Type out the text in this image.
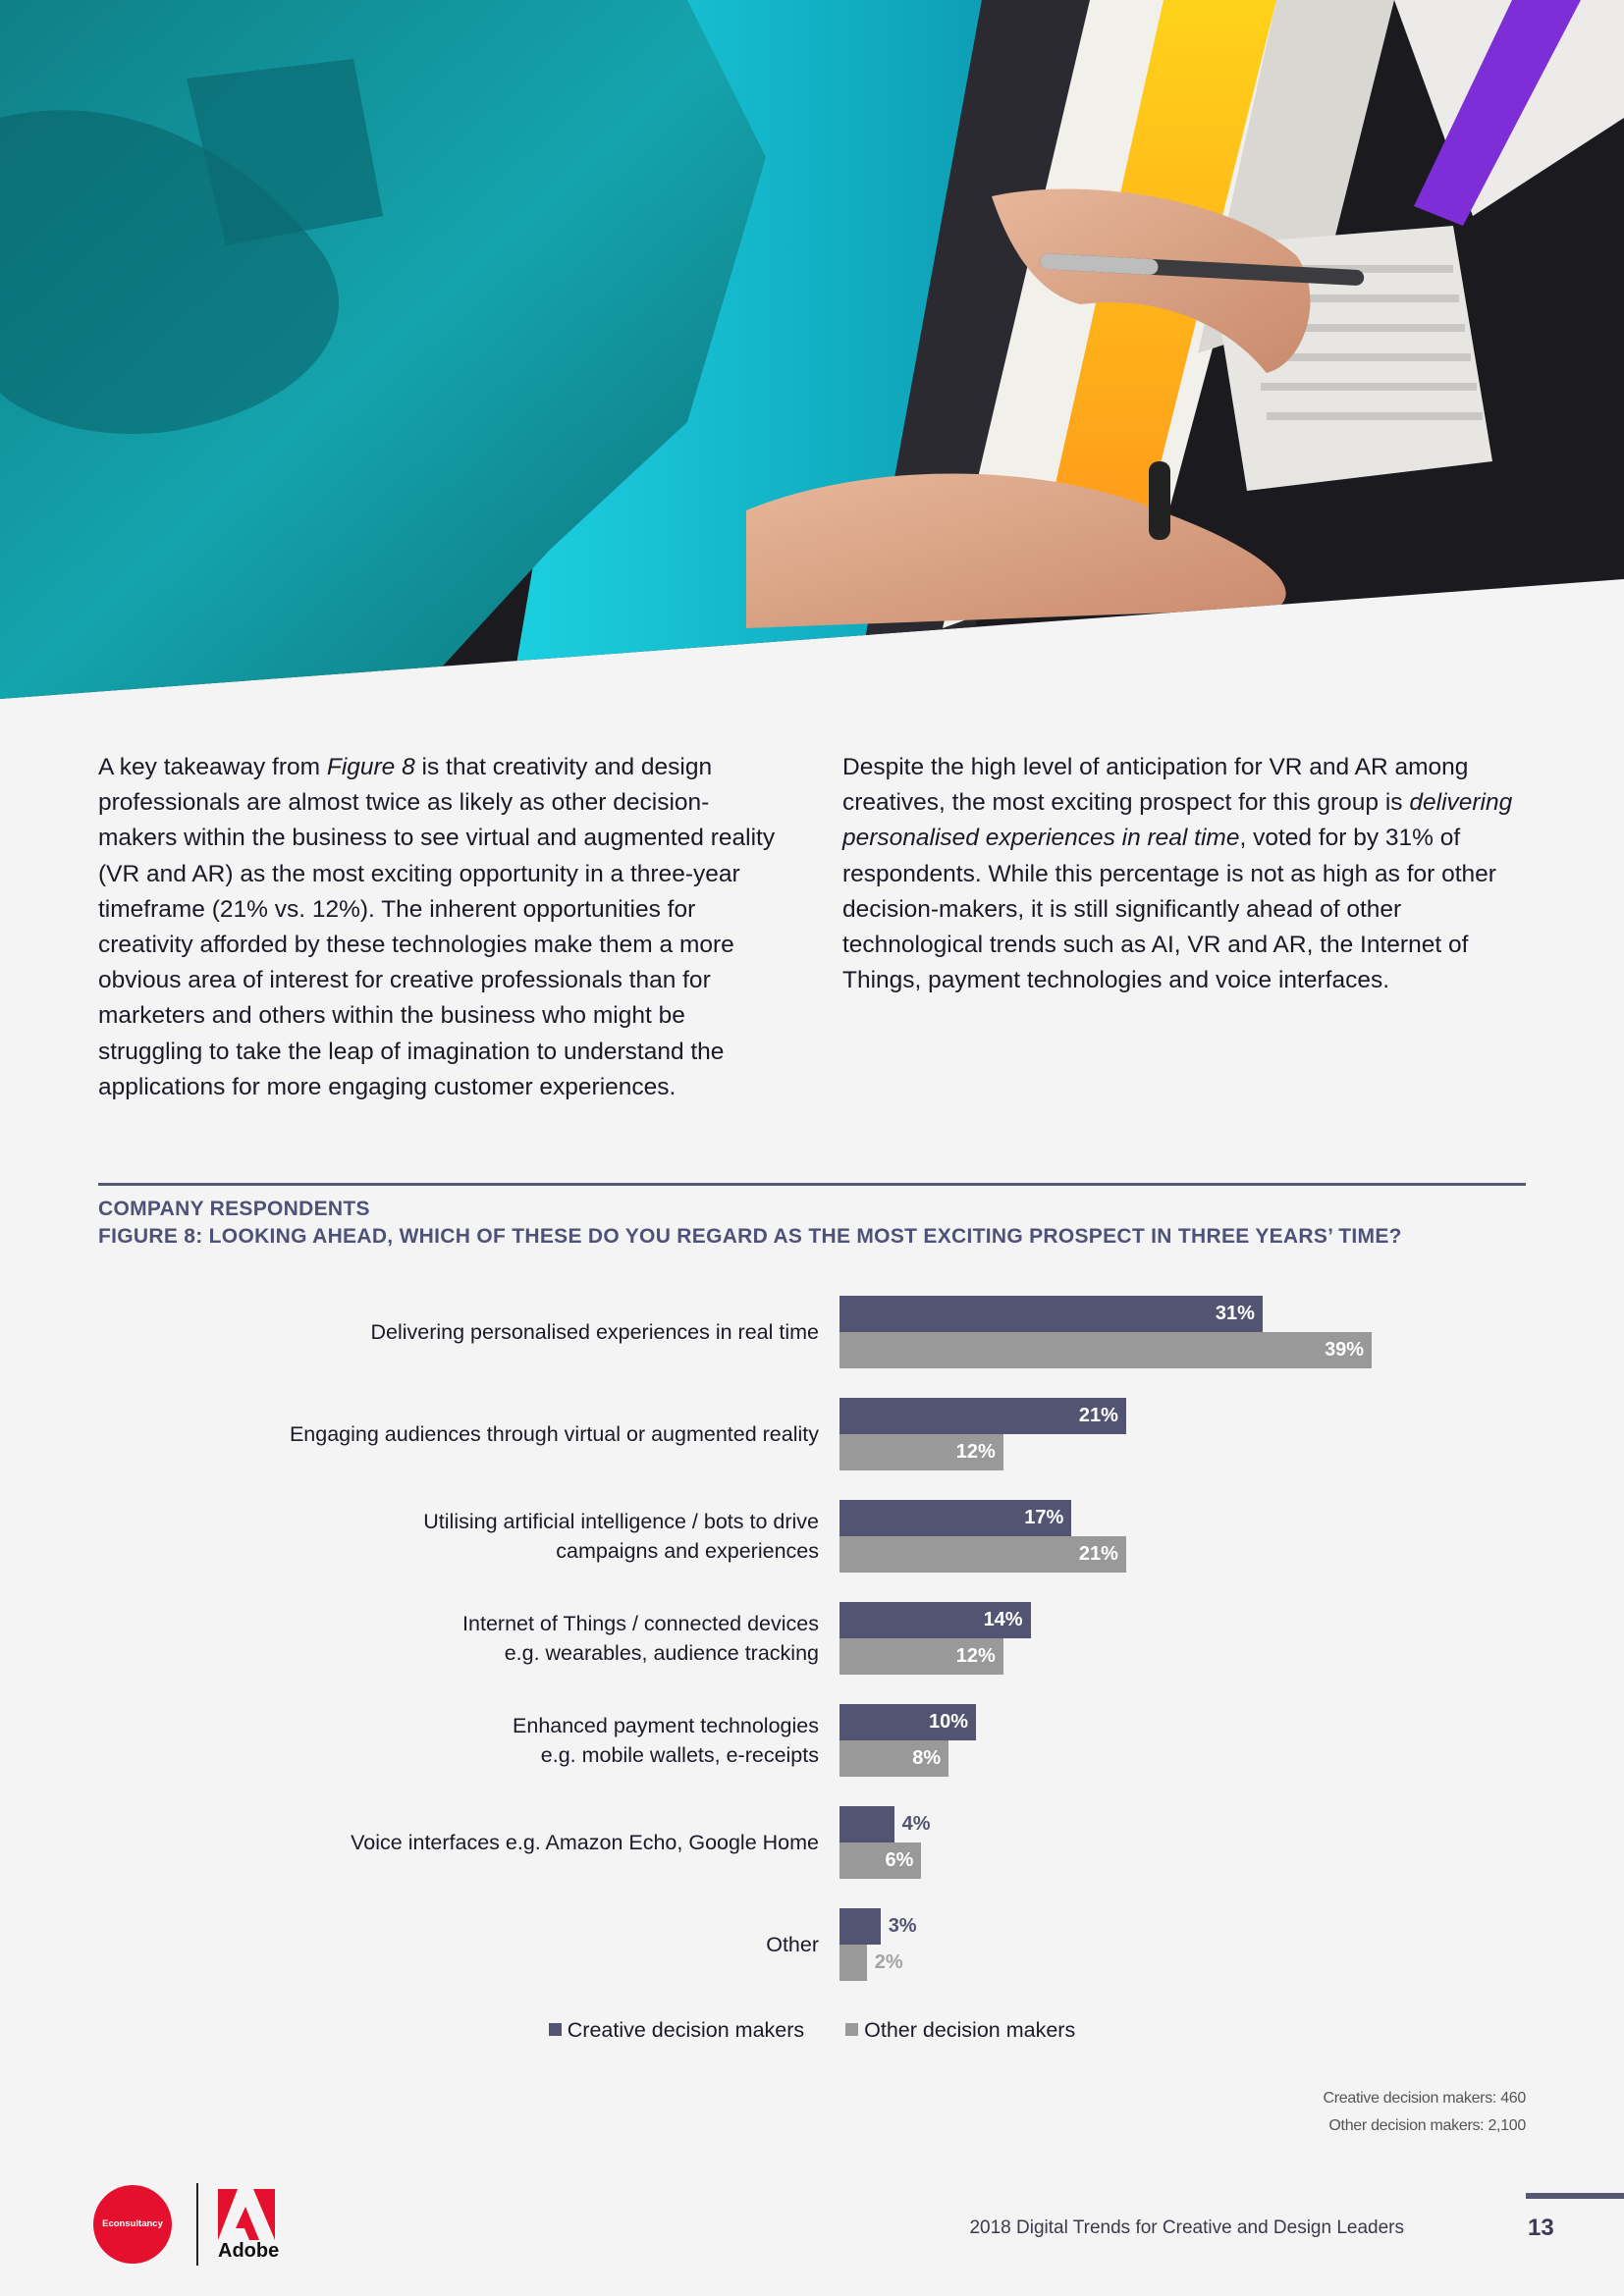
A key takeaway from Figure 8 is that creativity and design professionals are almost twice as likely as other decision-makers within the business to see virtual and augmented reality (VR and AR) as the most exciting opportunity in a three-year timeframe (21% vs. 12%). The inherent opportunities for creativity afforded by these technologies make them a more obvious area of interest for creative professionals than for marketers and others within the business who might be struggling to take the leap of imagination to understand the applications for more engaging customer experiences.
Despite the high level of anticipation for VR and AR among creatives, the most exciting prospect for this group is delivering personalised experiences in real time, voted for by 31% of respondents. While this percentage is not as high as for other decision-makers, it is still significantly ahead of other technological trends such as AI, VR and AR, the Internet of Things, payment technologies and voice interfaces.
COMPANY RESPONDENTS
FIGURE 8: LOOKING AHEAD, WHICH OF THESE DO YOU REGARD AS THE MOST EXCITING PROSPECT IN THREE YEARS’ TIME?
Delivering personalised experiences in real time
31%
39%
Engaging audiences through virtual or augmented reality
21%
12%
Utilising artificial intelligence / bots to drive
campaigns and experiences
17%
21%
Internet of Things / connected devices
e.g. wearables, audience tracking
14%
12%
Enhanced payment technologies
e.g. mobile wallets, e-receipts
10%
8%
Voice interfaces e.g. Amazon Echo, Google Home
4%
6%
Other
3%
2%
Creative decision makers	Other decision makers
Creative decision makers: 460
Other decision makers: 2,100
Econsultancy
Adobe
2018 Digital Trends for Creative and Design Leaders	13
